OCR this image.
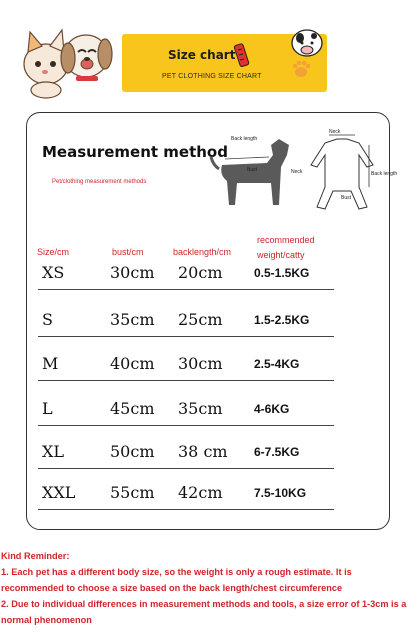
Size chart
PET CLOTHING SIZE CHART
Measurement method
Pet/clothing measurement methods
Back length
Neck
Bust
Neck
Bust
Back length
Size/cm	bust/cm	backlength/cm
recommended weight/catty
XS	30cm 20cm	0.5-1.5KG
S	35cm 25cm	1.5-2.5KG
M	40cm 30cm	2.5-4KG
L	45cm 35cm	4-6KG
XL	50cm 38 cm 6-7.5KG
XXL 55cm 42cm	7.5-10KG
Kind Reminder:
1. Each pet has a different body size, so the weight is only a rough estimate. It is recommended to choose a size based on the back length/chest circumference
2. Due to individual differences in measurement methods and tools, a size error of 1-3cm is a normal phenomenon
